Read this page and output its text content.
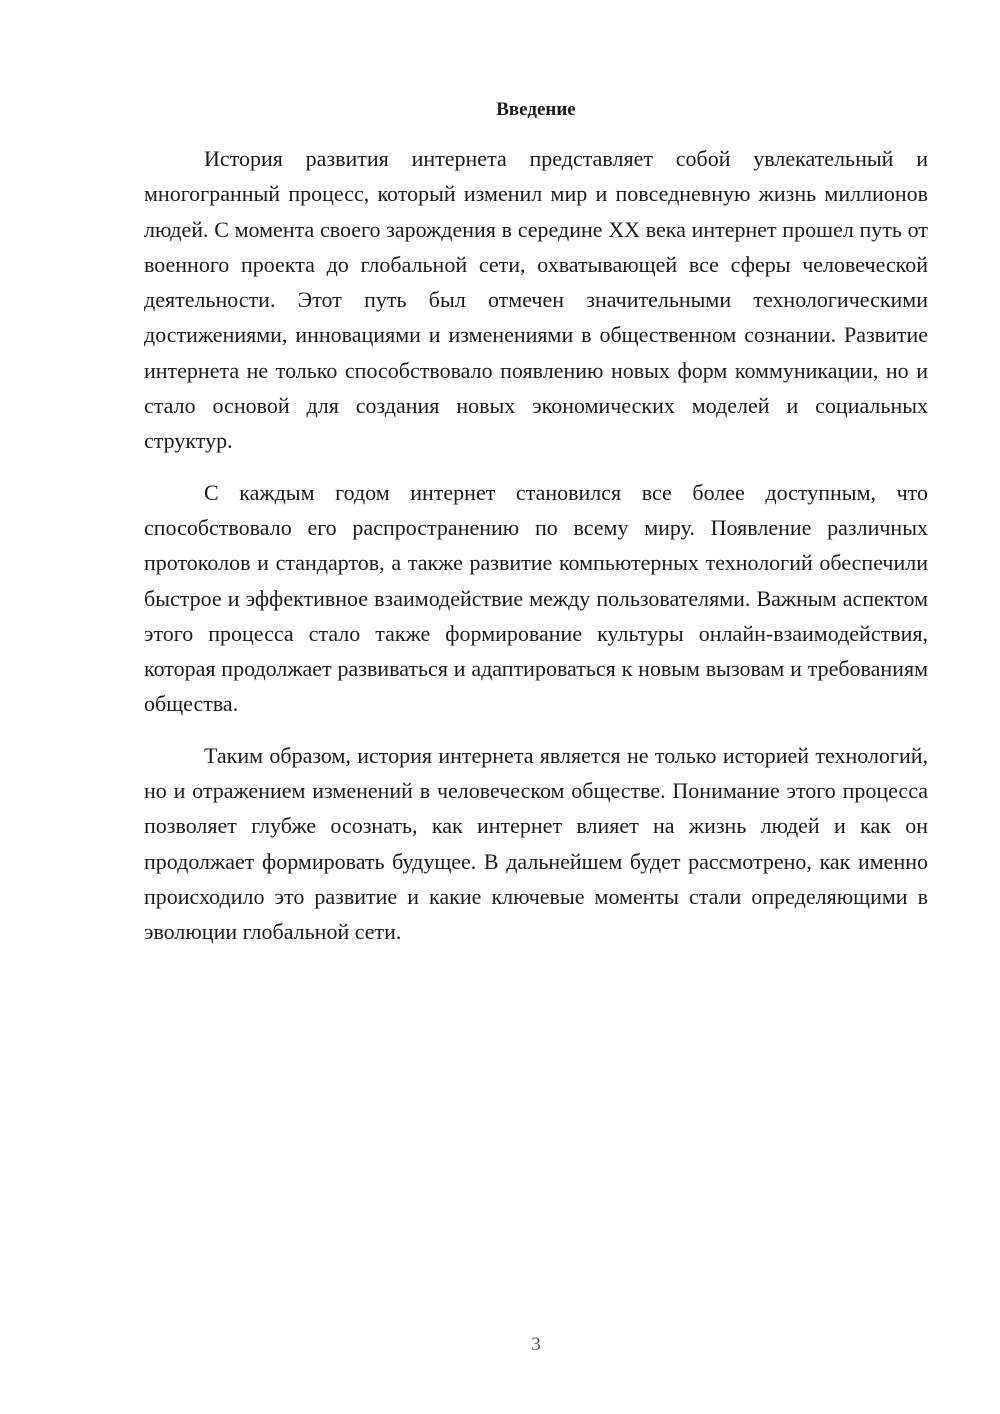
Введение

История развития интернета представляет собой увлекательный и многогранный процесс, который изменил мир и повседневную жизнь миллионов людей. С момента своего зарождения в середине XX века интернет прошел путь от военного проекта до глобальной сети, охватывающей все сферы человеческой деятельности. Этот путь был отмечен значительными технологическими достижениями, инновациями и изменениями в общественном сознании. Развитие интернета не только способствовало появлению новых форм коммуникации, но и стало основой для создания новых экономических моделей и социальных структур.

С каждым годом интернет становился все более доступным, что способствовало его распространению по всему миру. Появление различных протоколов и стандартов, а также развитие компьютерных технологий обеспечили быстрое и эффективное взаимодействие между пользователями. Важным аспектом этого процесса стало также формирование культуры онлайн-взаимодействия, которая продолжает развиваться и адаптироваться к новым вызовам и требованиям общества.

Таким образом, история интернета является не только историей технологий, но и отражением изменений в человеческом обществе. Понимание этого процесса позволяет глубже осознать, как интернет влияет на жизнь людей и как он продолжает формировать будущее. В дальнейшем будет рассмотрено, как именно происходило это развитие и какие ключевые моменты стали определяющими в эволюции глобальной сети.

3
